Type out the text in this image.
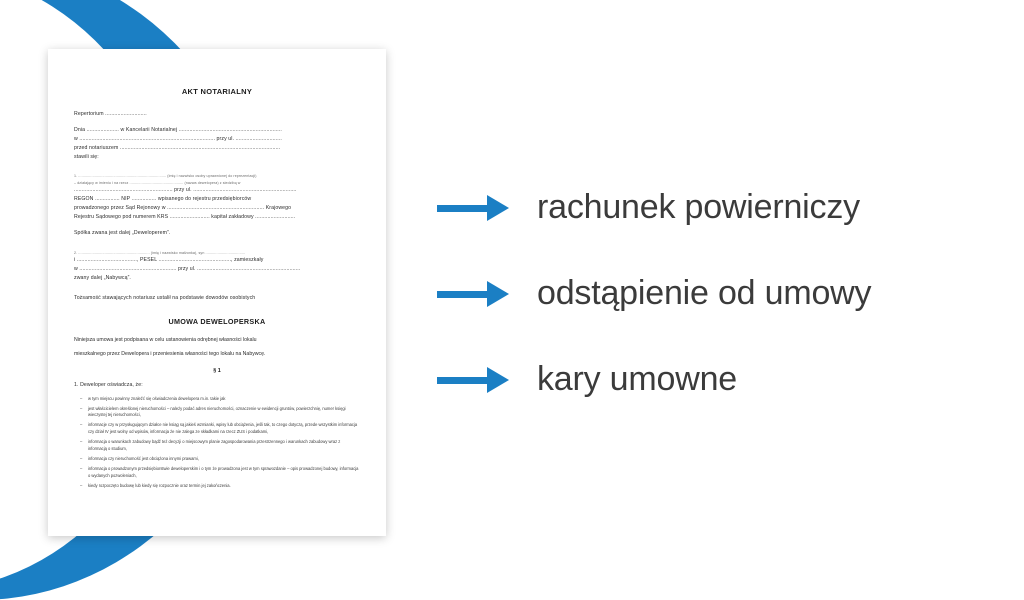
AKT NOTARIALNY
Repertorium ...........................
Dnia ..................... w Kancelarii Notarialnej ...................................................................
w ........................................................................................ przy ul. ..............................
przed notariuszem ........................................................................................................
stawili się:
1. ................................................................................ (imię i nazwisko osoby uprawnionej do reprezentacji)
– działający w imieniu i na rzecz ................................................. (nazwa dewelopera) z siedzibą w
................................................................ przy ul. ...................................................................
REGON ................ NIP ................ wpisanego do rejestru przedsiębiorców
prowadzonego przez Sąd Rejonowy w ............................................................... Krajowego
Rejestru Sądowego pod numerem KRS .......................... kapitał zakładowy ..........................
Spółka zwana jest dalej „Deweloperem”.
2. ................................................................. (imię i nazwisko małżonka), syn ....................................
i ......................................., PESEL ..............................................., zamieszkały
w ............................................................... przy ul. ...................................................................
zwany dalej „Nabywcą”.
Tożsamość stawających notariusz ustalił na podstawie dowodów osobistych
UMOWA DEWELOPERSKA
Niniejsza umowa jest podpisana w celu ustanowienia odrębnej własności lokalu
mieszkalnego przez Dewelopera i przeniesienia własności tego lokalu na Nabywcę.
§ 1
1. Deweloper oświadcza, że:
– w tym miejscu powinny znaleźć się oświadczenia dewelopera m.in. takie jak
– jest właścicielem określonej nieruchomości – należy podać adres nieruchomości, oznaczenie w ewidencji gruntów, powierzchnię, numer księgi wieczystej tej nieruchomości,
– informacje czy w przysługującym działce nie ksiąg są jakieś wzmianki, wpisy lub obciążenia, jeśli tak, to czego dotyczą, przede wszystkim informacja czy dział IV jest wolny od wpisów, informacja że nie zalega ze składkami na rzecz ZUS i podatkami,
– informacja o warunkach zabudowy bądź też decyzji o miejscowym planie zagospodarowania przestrzennego i warunkach zabudowy wraz z informacją o studium,
– informacja czy nieruchomość jest obciążona innymi prawami,
– informacja o prowadzonym przedsiębiorstwie deweloperskim i o tym że prowadzona jest w tym sprawozdanie – opis prowadzonej budowy, informacja o wydanych pozwoleniach,
– kiedy rozpoczęto budowę lub kiedy się rozpocznie oraz termin jej zakończenia.
rachunek powierniczy
odstąpienie od umowy
kary umowne
